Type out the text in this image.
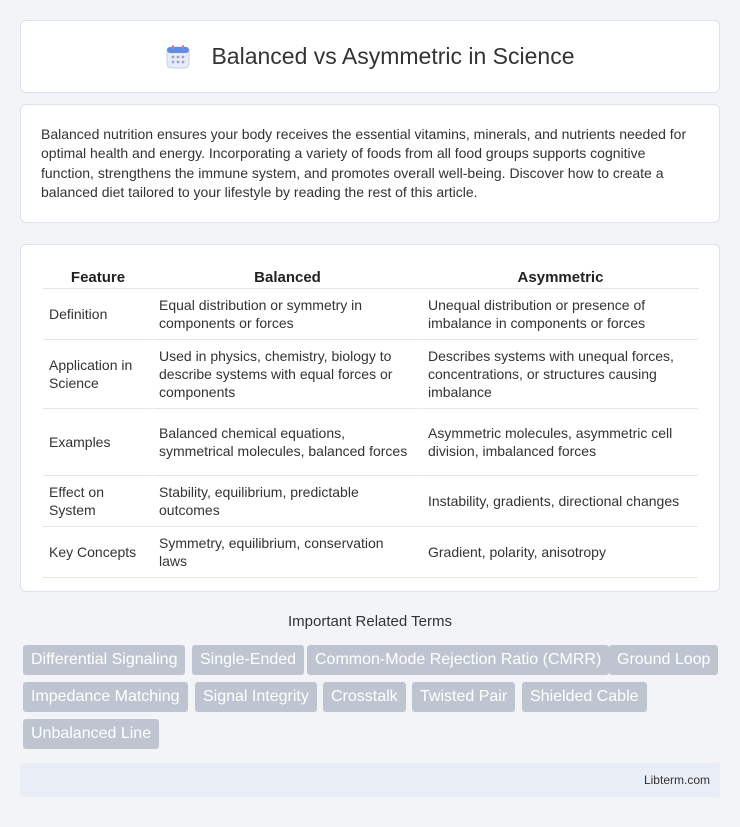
Balanced vs Asymmetric in Science

Balanced nutrition ensures your body receives the essential vitamins, minerals, and nutrients needed for optimal health and energy. Incorporating a variety of foods from all food groups supports cognitive function, strengthens the immune system, and promotes overall well-being. Discover how to create a balanced diet tailored to your lifestyle by reading the rest of this article.

Feature	Balanced	Asymmetric
Definition	Equal distribution or symmetry in components or forces	Unequal distribution or presence of imbalance in components or forces
Application in Science	Used in physics, chemistry, biology to describe systems with equal forces or components	Describes systems with unequal forces, concentrations, or structures causing imbalance
Examples	Balanced chemical equations, symmetrical molecules, balanced forces	Asymmetric molecules, asymmetric cell division, imbalanced forces
Effect on System	Stability, equilibrium, predictable outcomes	Instability, gradients, directional changes
Key Concepts	Symmetry, equilibrium, conservation laws	Gradient, polarity, anisotropy
Important Related Terms
Differential Signaling	Single-Ended	Common-Mode Rejection Ratio (CMRR) Ground Loop
Impedance Matching	Signal Integrity	Crosstalk	Twisted Pair	Shielded Cable
Unbalanced Line
Libterm.com
